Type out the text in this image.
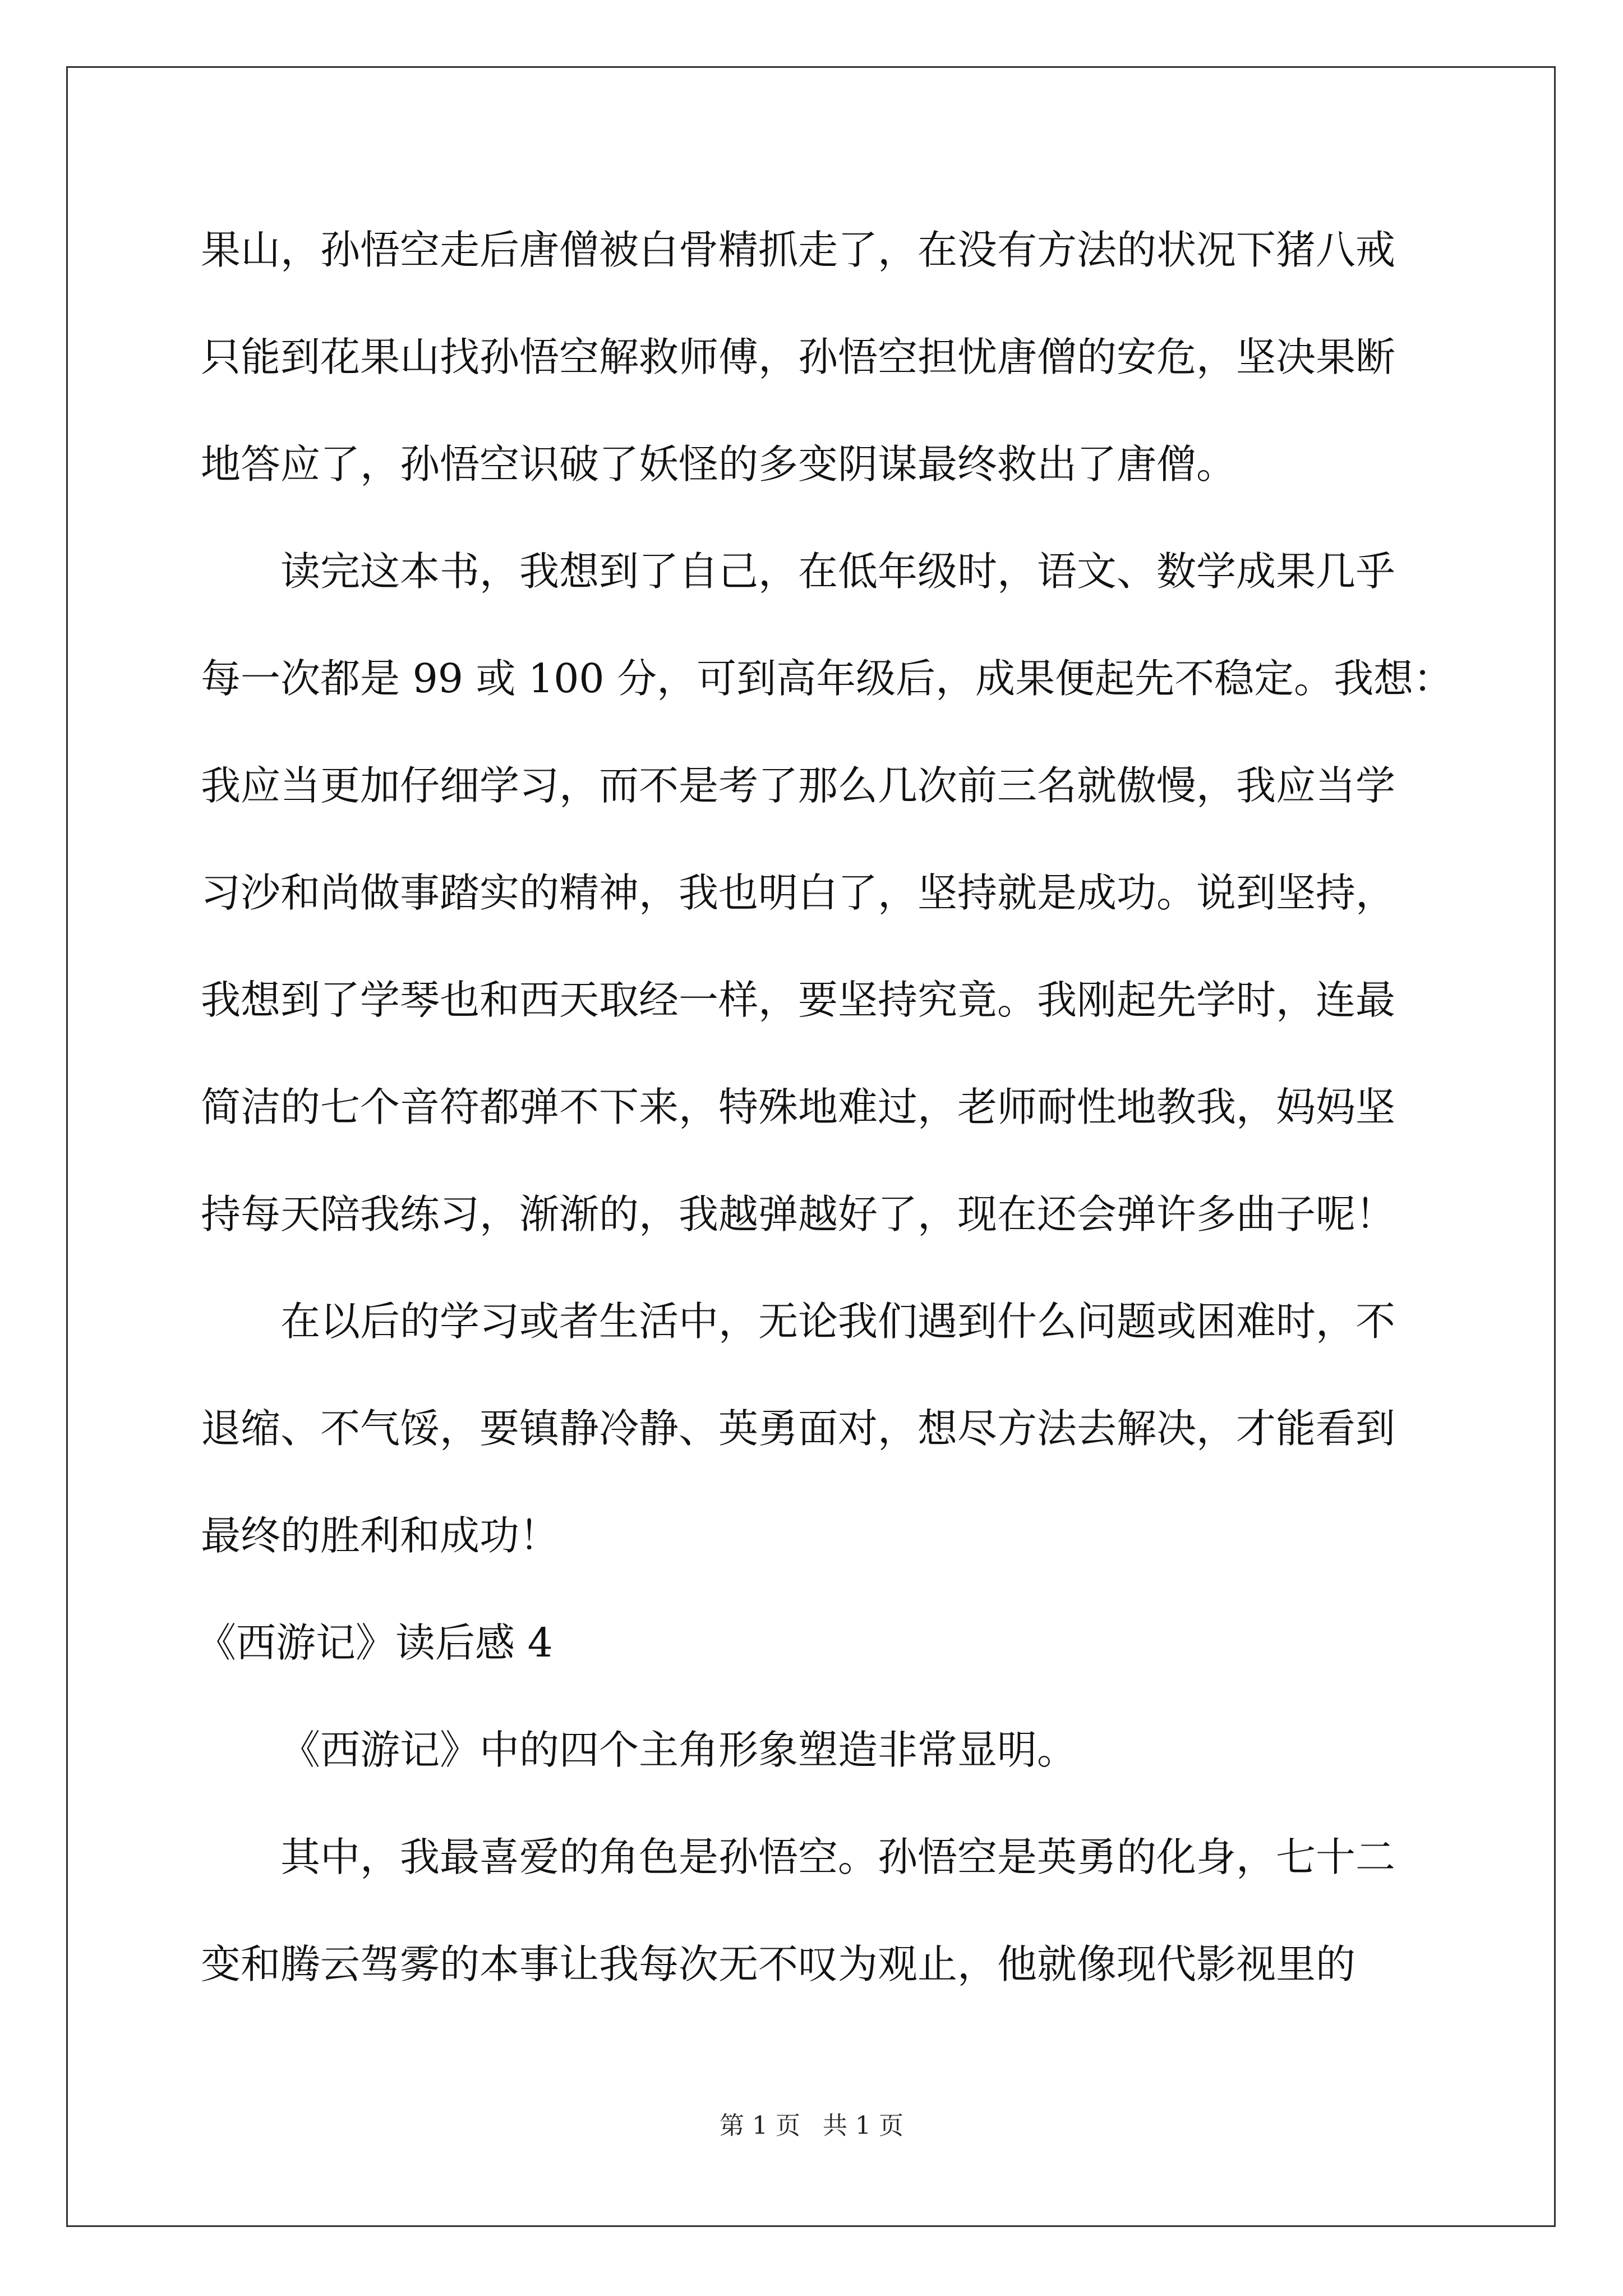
果山，孙悟空走后唐僧被白骨精抓走了，在没有方法的状况下猪八戒
只能到花果山找孙悟空解救师傅，孙悟空担忧唐僧的安危，坚决果断
地答应了，孙悟空识破了妖怪的多变阴谋最终救出了唐僧。
读完这本书，我想到了自己，在低年级时，语文、数学成果几乎
每一次都是 99 或 100 分，可到高年级后，成果便起先不稳定。我想：
我应当更加仔细学习，而不是考了那么几次前三名就傲慢，我应当学
习沙和尚做事踏实的精神，我也明白了，坚持就是成功。说到坚持，
我想到了学琴也和西天取经一样，要坚持究竟。我刚起先学时，连最
简洁的七个音符都弹不下来，特殊地难过，老师耐性地教我，妈妈坚
持每天陪我练习，渐渐的，我越弹越好了，现在还会弹许多曲子呢！
在以后的学习或者生活中，无论我们遇到什么问题或困难时，不
退缩、不气馁，要镇静冷静、英勇面对，想尽方法去解决，才能看到
最终的胜利和成功！
《西游记》读后感 4
《西游记》中的四个主角形象塑造非常显明。
其中，我最喜爱的角色是孙悟空。孙悟空是英勇的化身，七十二
变和腾云驾雾的本事让我每次无不叹为观止，他就像现代影视里的
第 1 页 共 1 页
